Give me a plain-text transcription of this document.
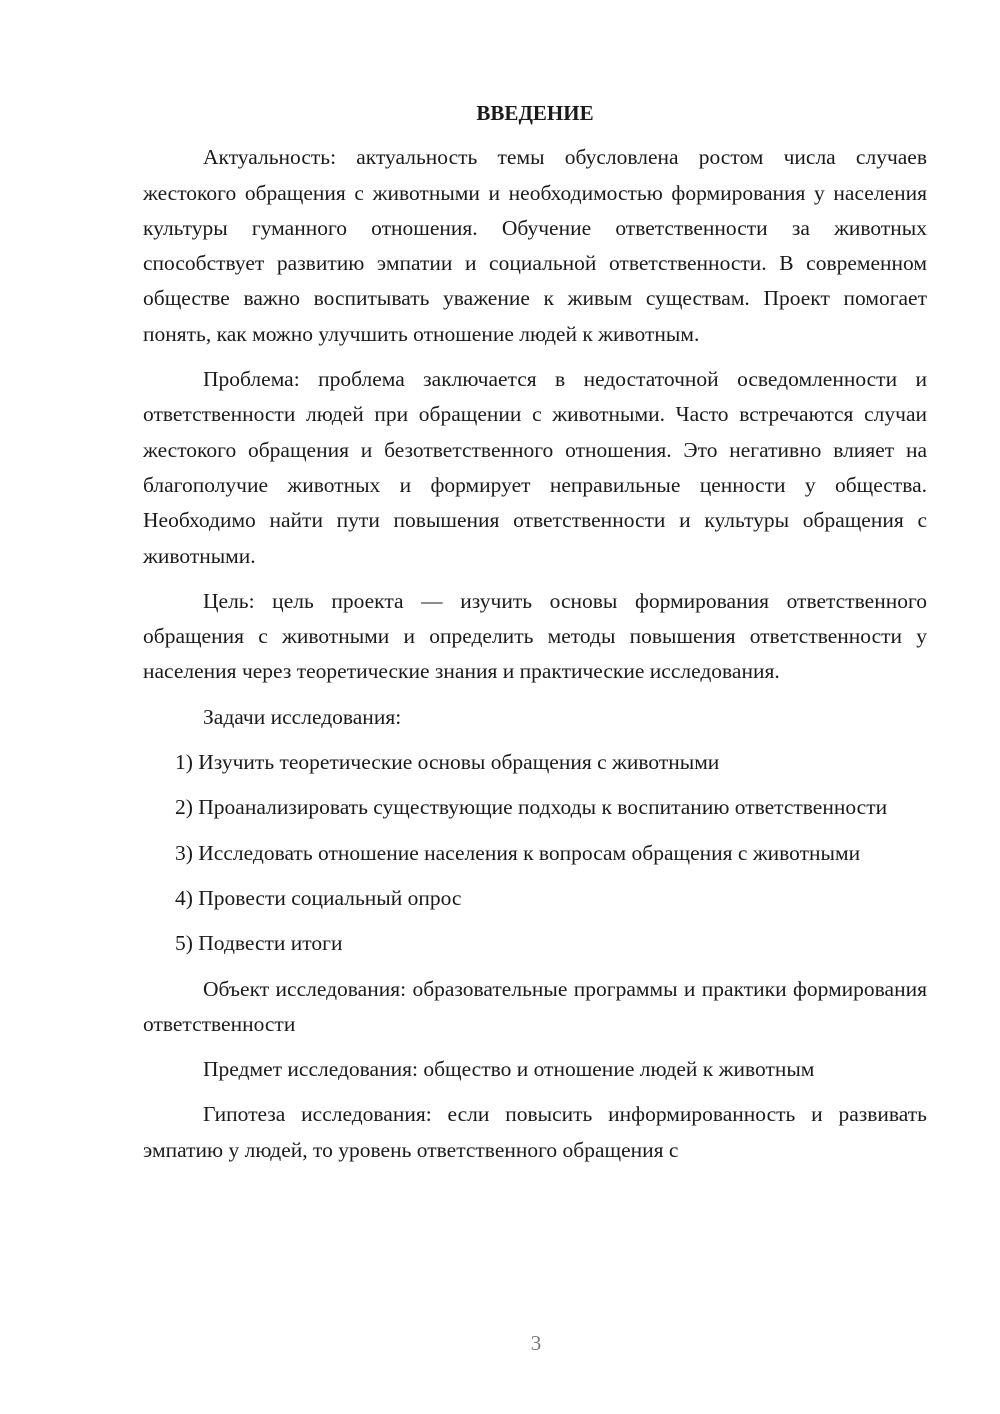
ВВЕДЕНИЕ

Актуальность: актуальность темы обусловлена ростом числа случаев жестокого обращения с животными и необходимостью формирования у населения культуры гуманного отношения. Обучение ответственности за животных способствует развитию эмпатии и социальной ответственности. В современном обществе важно воспитывать уважение к живым существам. Проект помогает понять, как можно улучшить отношение людей к животным.

Проблема: проблема заключается в недостаточной осведомленности и ответственности людей при обращении с животными. Часто встречаются случаи жестокого обращения и безответственного отношения. Это негативно влияет на благополучие животных и формирует неправильные ценности у общества. Необходимо найти пути повышения ответственности и культуры обращения с животными.

Цель: цель проекта — изучить основы формирования ответственного обращения с животными и определить методы повышения ответственности у населения через теоретические знания и практические исследования.

Задачи исследования:

1) Изучить теоретические основы обращения с животными

2) Проанализировать существующие подходы к воспитанию ответственности

3) Исследовать отношение населения к вопросам обращения с животными

4) Провести социальный опрос

5) Подвести итоги

Объект исследования: образовательные программы и практики формирования ответственности

Предмет исследования: общество и отношение людей к животным

Гипотеза исследования: если повысить информированность и развивать эмпатию у людей, то уровень ответственного обращения с

3
